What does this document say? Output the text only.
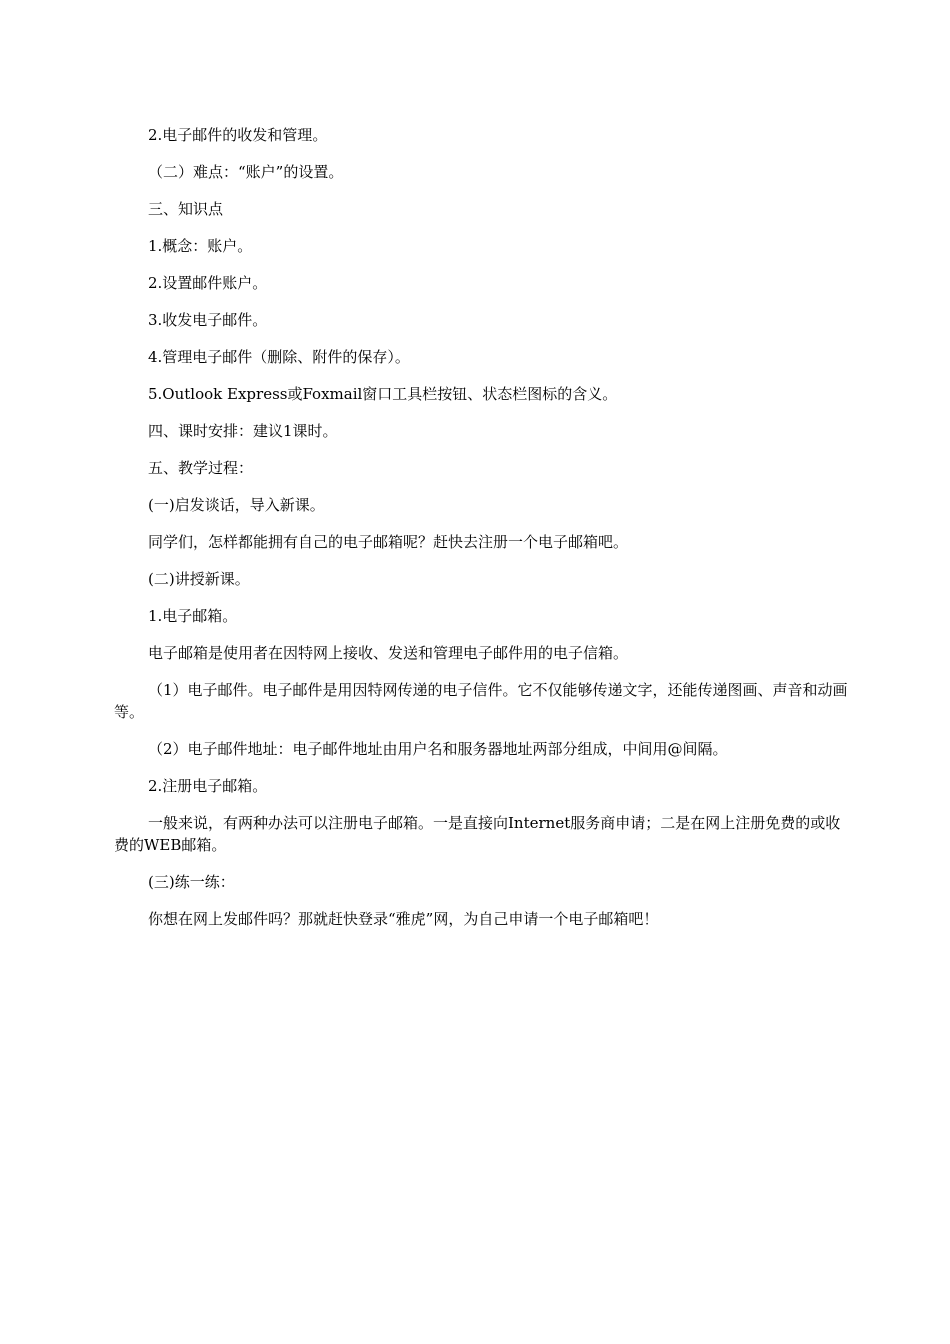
2.电子邮件的收发和管理。

（二）难点：“账户”的设置。

三、知识点

1.概念：账户。

2.设置邮件账户。

3.收发电子邮件。

4.管理电子邮件（删除、附件的保存）。

5.Outlook Express或Foxmail窗口工具栏按钮、状态栏图标的含义。

四、课时安排：建议1课时。

五、教学过程：

(一)启发谈话，导入新课。

同学们，怎样都能拥有自己的电子邮箱呢？赶快去注册一个电子邮箱吧。

(二)讲授新课。

1.电子邮箱。

电子邮箱是使用者在因特网上接收、发送和管理电子邮件用的电子信箱。

（1）电子邮件。电子邮件是用因特网传递的电子信件。它不仅能够传递文字，还能传递图画、声音和动画等。

（2）电子邮件地址：电子邮件地址由用户名和服务器地址两部分组成，中间用@间隔。

2.注册电子邮箱。

一般来说，有两种办法可以注册电子邮箱。一是直接向Internet服务商申请；二是在网上注册免费的或收费的WEB邮箱。

(三)练一练：

你想在网上发邮件吗？那就赶快登录“雅虎”网，为自己申请一个电子邮箱吧！
